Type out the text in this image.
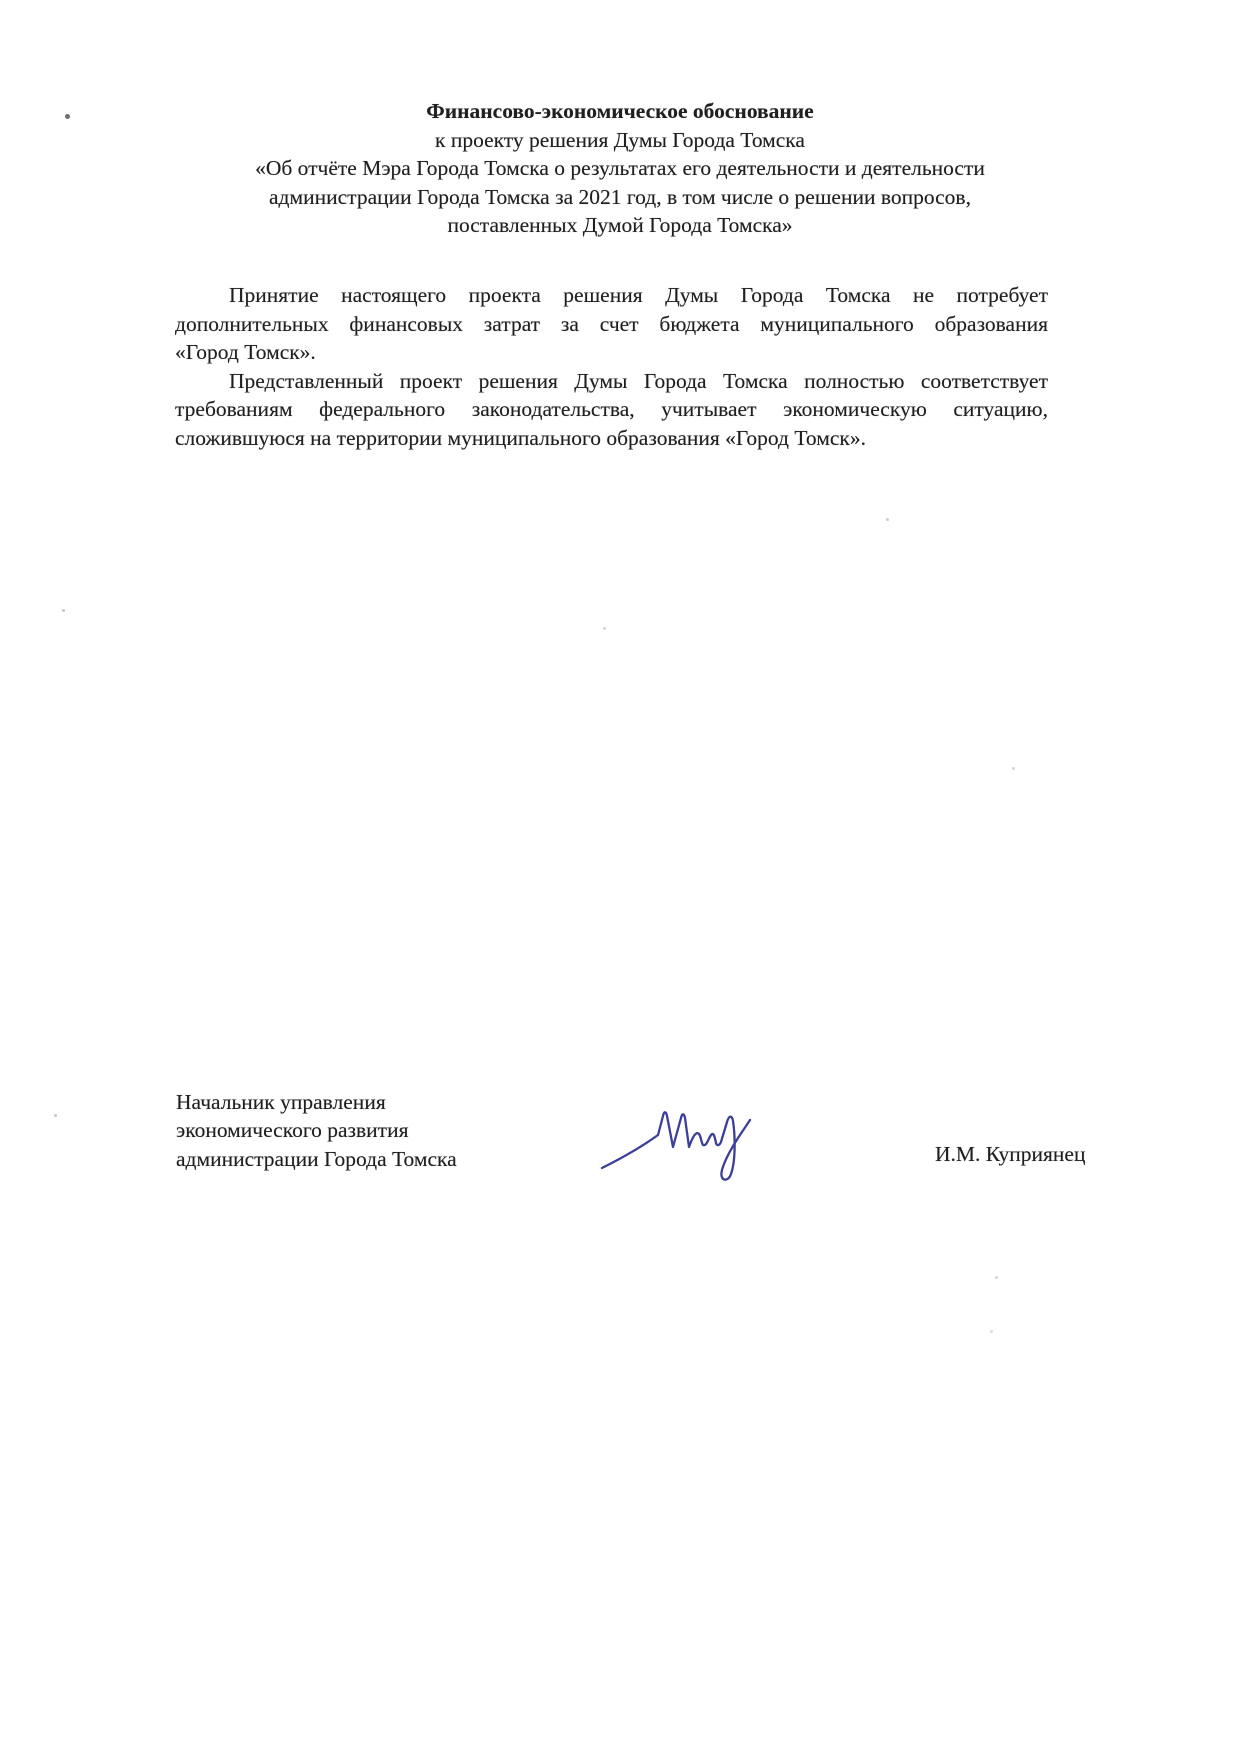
Финансово-экономическое обоснование
к проекту решения Думы Города Томска
«Об отчёте Мэра Города Томска о результатах его деятельности и деятельности
администрации Города Томска за 2021 год, в том числе о решении вопросов,
поставленных Думой Города Томска»
Принятие настоящего проекта решения Думы Города Томска не потребует
дополнительных финансовых затрат за счет бюджета муниципального образования
«Город Томск».
Представленный проект решения Думы Города Томска полностью соответствует
требованиям федерального законодательства, учитывает экономическую ситуацию,
сложившуюся на территории муниципального образования «Город Томск».
Начальник управления
экономического развития
администрации Города Томска	И.М. Куприянец
